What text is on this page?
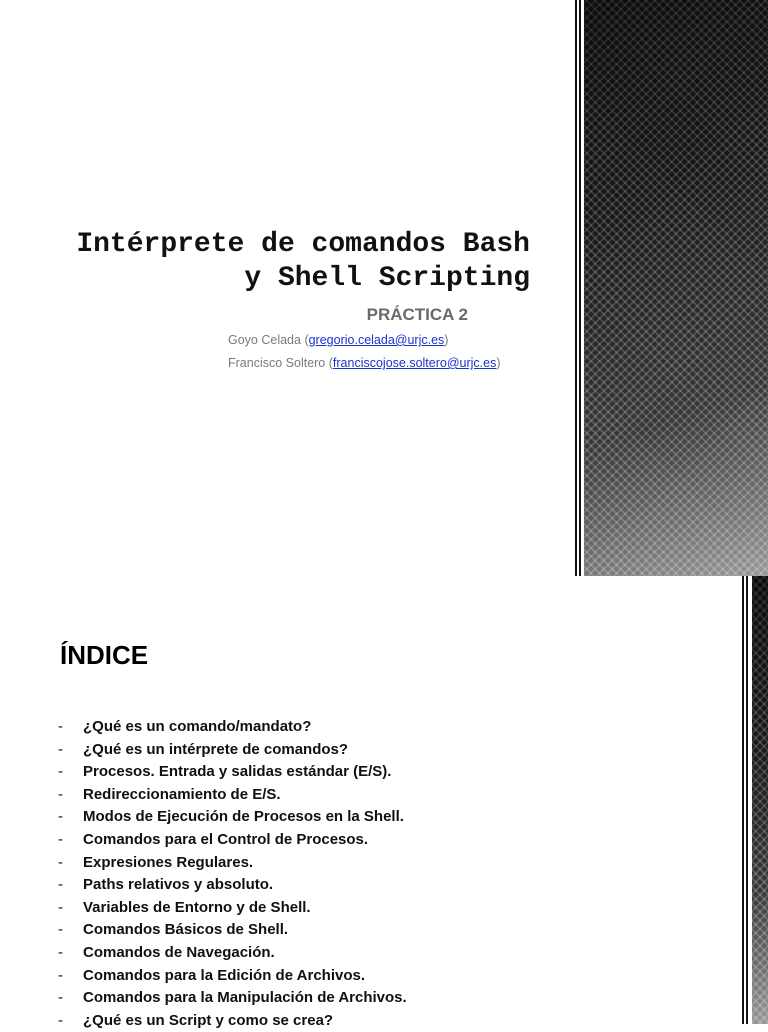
Intérprete de comandos Bash
y Shell Scripting
PRÁCTICA 2
Goyo Celada (gregorio.celada@urjc.es)
Francisco Soltero (franciscojose.soltero@urjc.es)
ÍNDICE
- ¿Qué es un comando/mandato?
- ¿Qué es un intérprete de comandos?
- Procesos. Entrada y salidas estándar (E/S).
- Redireccionamiento de E/S.
- Modos de Ejecución de Procesos en la Shell.
- Comandos para el Control de Procesos.
- Expresiones Regulares.
- Paths relativos y absoluto.
- Variables de Entorno y de Shell.
- Comandos Básicos de Shell.
- Comandos de Navegación.
- Comandos para la Edición de Archivos.
- Comandos para la Manipulación de Archivos.
- ¿Qué es un Script y como se crea?
